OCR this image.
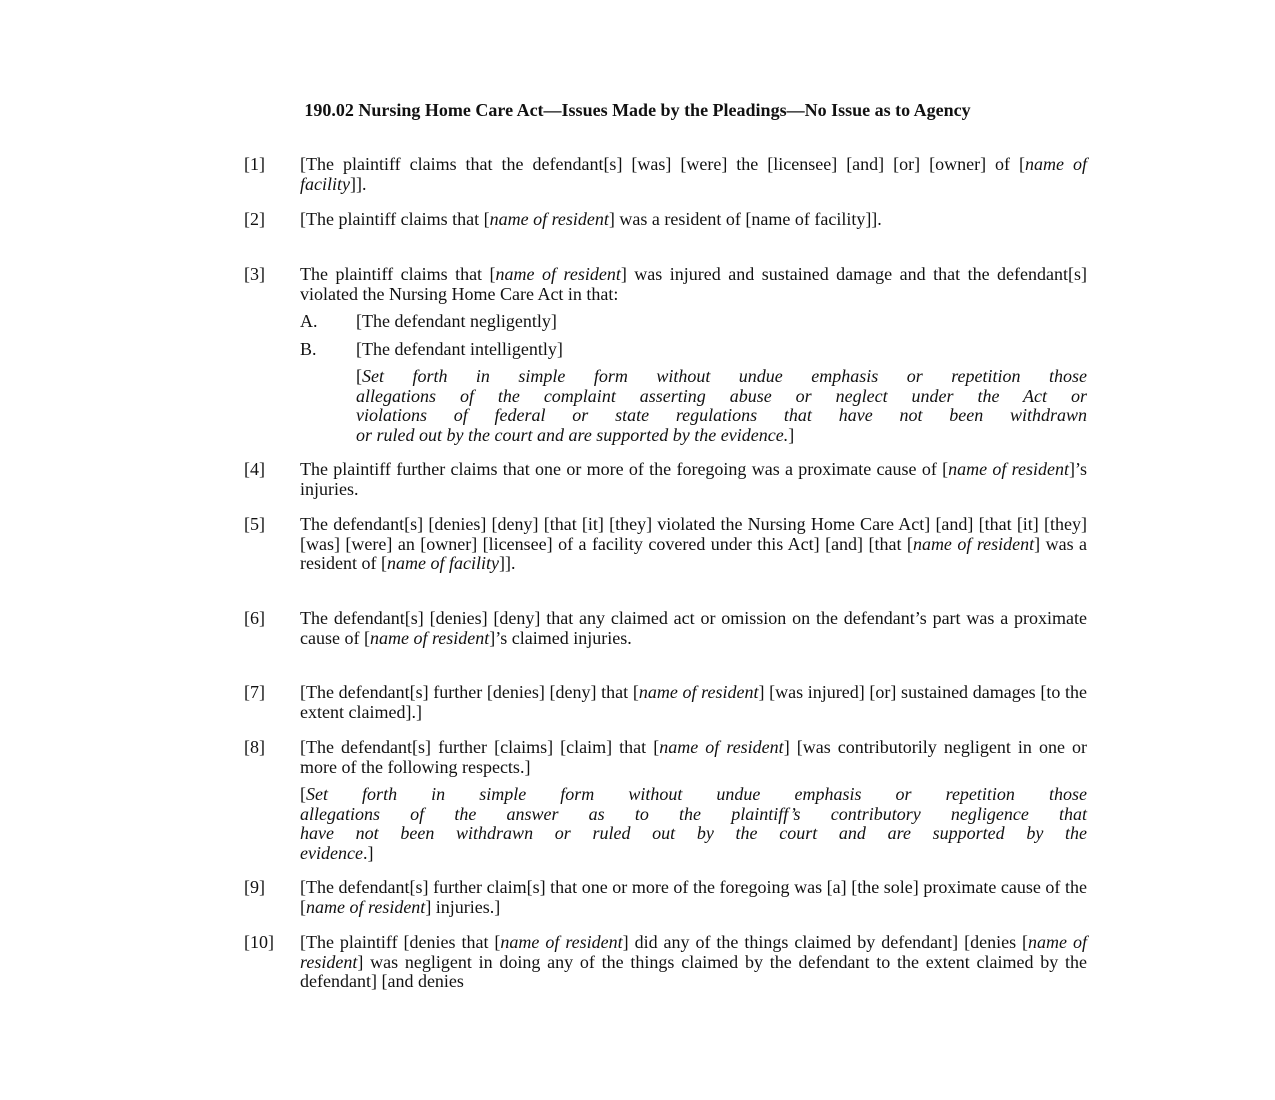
190.02 Nursing Home Care Act—Issues Made by the Pleadings—No Issue as to Agency
[1] [The plaintiff claims that the defendant[s] [was] [were] the [licensee] [and] [or] [owner] of [name of facility]].
[2] [The plaintiff claims that [name of resident] was a resident of [name of facility]].
[3] The plaintiff claims that [name of resident] was injured and sustained damage and that the defendant[s] violated the Nursing Home Care Act in that:
A. [The defendant negligently]
B. [The defendant intelligently]
[Set forth in simple form without undue emphasis or repetition those
allegations of the complaint asserting abuse or neglect under the Act or
violations of federal or state regulations that have not been withdrawn
or ruled out by the court and are supported by the evidence.]
[4] The plaintiff further claims that one or more of the foregoing was a proximate cause of [name of resident]’s injuries.
[5] The defendant[s] [denies] [deny] [that [it] [they] violated the Nursing Home Care Act] [and] [that [it] [they] [was] [were] an [owner] [licensee] of a facility covered under this Act] [and] [that [name of resident] was a resident of [name of facility]].
[6] The defendant[s] [denies] [deny] that any claimed act or omission on the defendant’s part was a proximate cause of [name of resident]’s claimed injuries.
[7] [The defendant[s] further [denies] [deny] that [name of resident] [was injured] [or] sustained damages [to the extent claimed].]
[8] [The defendant[s] further [claims] [claim] that [name of resident] [was contributorily negligent in one or more of the following respects.]
[Set forth in simple form without undue emphasis or repetition those
allegations of the answer as to the plaintiff’s contributory negligence that
have not been withdrawn or ruled out by the court and are supported by the
evidence.]
[9] [The defendant[s] further claim[s] that one or more of the foregoing was [a] [the sole] proximate cause of the [name of resident] injuries.]
[10] [The plaintiff [denies that [name of resident] did any of the things claimed by defendant] [denies [name of resident] was negligent in doing any of the things claimed by the defendant to the extent claimed by the defendant] [and denies
